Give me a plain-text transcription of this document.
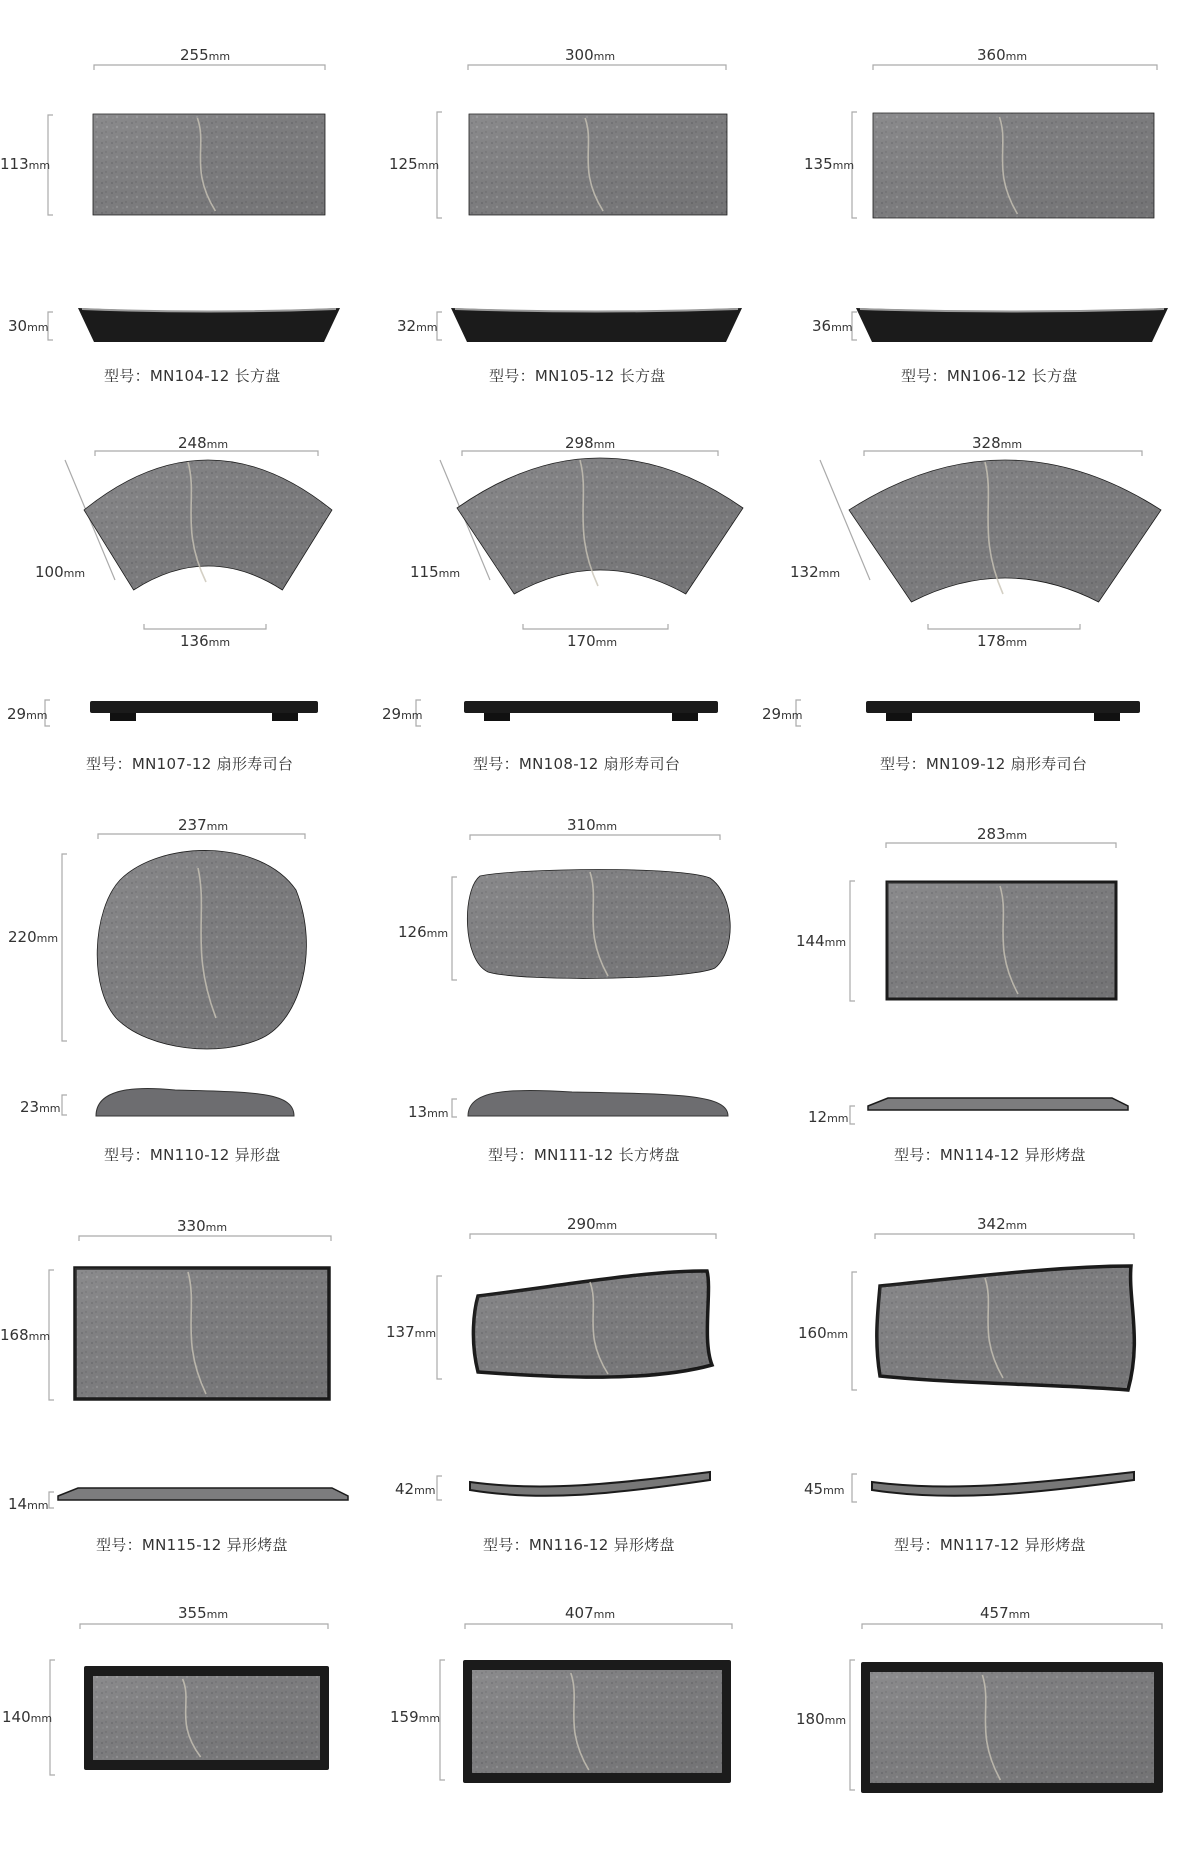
255mm
113mm
30mm
型号：MN104-12 长方盘
300mm
125mm
32mm
型号：MN105-12 长方盘
360mm
135mm
36mm
型号：MN106-12 长方盘
248mm
100mm
136mm
29mm
型号：MN107-12 扇形寿司台
298mm
115mm
170mm
29mm
型号：MN108-12 扇形寿司台
328mm
132mm
178mm
29mm
型号：MN109-12 扇形寿司台
237mm
220mm
23mm
型号：MN110-12 异形盘
310mm
126mm
13mm
型号：MN111-12 长方烤盘
283mm
144mm
12mm
型号：MN114-12 异形烤盘
330mm
168mm
14mm
型号：MN115-12 异形烤盘
290mm
137mm
42mm
型号：MN116-12 异形烤盘
342mm
160mm
45mm
型号：MN117-12 异形烤盘
355mm
140mm
407mm
159mm
457mm
180mm
